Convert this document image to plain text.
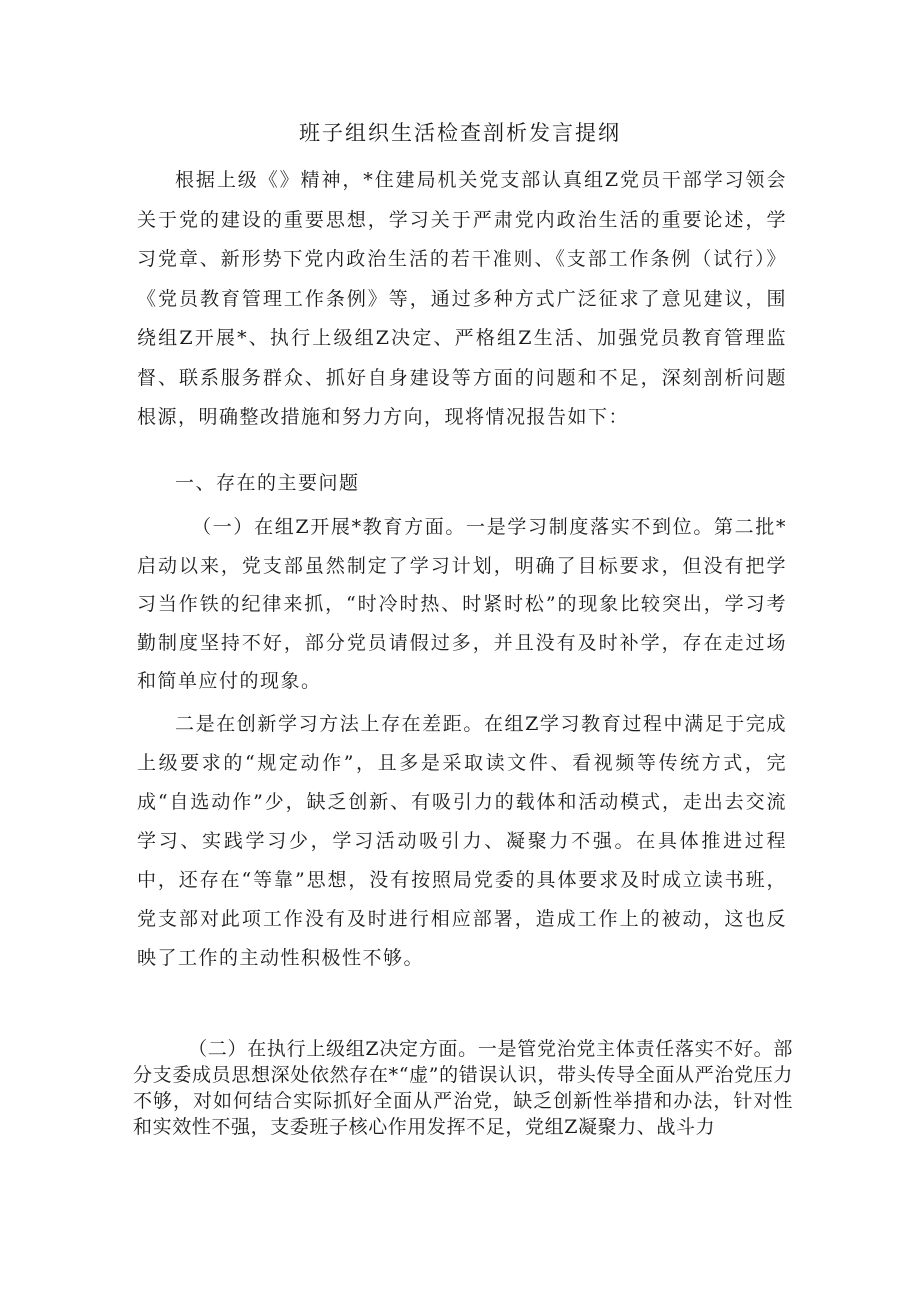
班子组织生活检查剖析发言提纲

根据上级《》精神，*住建局机关党支部认真组Z党员干部学习领会关于党的建设的重要思想，学习关于严肃党内政治生活的重要论述，学习党章、新形势下党内政治生活的若干准则、《支部工作条例（试行）》《党员教育管理工作条例》等，通过多种方式广泛征求了意见建议，围绕组Z开展*、执行上级组Z决定、严格组Z生活、加强党员教育管理监督、联系服务群众、抓好自身建设等方面的问题和不足，深刻剖析问题根源，明确整改措施和努力方向，现将情况报告如下：

一、存在的主要问题

（一）在组Z开展*教育方面。一是学习制度落实不到位。第二批*启动以来，党支部虽然制定了学习计划，明确了目标要求，但没有把学习当作铁的纪律来抓，“时冷时热、时紧时松”的现象比较突出，学习考勤制度坚持不好，部分党员请假过多，并且没有及时补学，存在走过场和简单应付的现象。

二是在创新学习方法上存在差距。在组Z学习教育过程中满足于完成上级要求的“规定动作”，且多是采取读文件、看视频等传统方式，完成“自选动作”少，缺乏创新、有吸引力的载体和活动模式，走出去交流学习、实践学习少，学习活动吸引力、凝聚力不强。在具体推进过程中，还存在“等靠”思想，没有按照局党委的具体要求及时成立读书班，党支部对此项工作没有及时进行相应部署，造成工作上的被动，这也反映了工作的主动性积极性不够。

（二）在执行上级组Z决定方面。一是管党治党主体责任落实不好。部分支委成员思想深处依然存在*“虚”的错误认识，带头传导全面从严治党压力不够，对如何结合实际抓好全面从严治党，缺乏创新性举措和办法，针对性和实效性不强，支委班子核心作用发挥不足，党组Z凝聚力、战斗力
